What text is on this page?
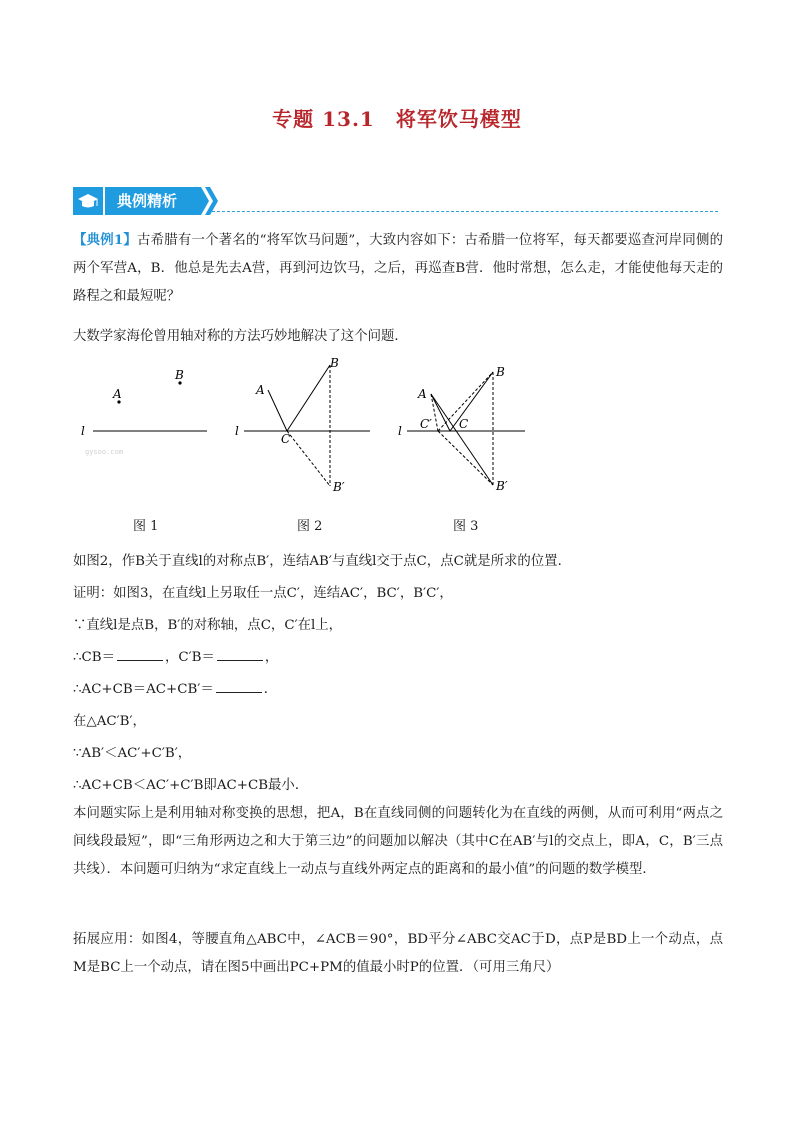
专题 13.1　将军饮马模型
典例精析
【典例1】古希腊有一个著名的“将军饮马问题”，大致内容如下：古希腊一位将军，每天都要巡查河岸同侧的两个军营A，B．他总是先去A营，再到河边饮马，之后，再巡查B营．他时常想，怎么走，才能使他每天走的路程之和最短呢？
大数学家海伦曾用轴对称的方法巧妙地解决了这个问题．
A
B
l
gysoo.com
A
B
C
B′
l
A
B
C′ C
B′
l
图 1	图 2	图 3
如图2，作B关于直线l的对称点B′，连结AB′与直线l交于点C，点C就是所求的位置．
证明：如图3，在直线l上另取任一点C′，连结AC′，BC′，B′C′，
∵直线l是点B，B′的对称轴，点C，C′在l上，
∴CB＝	，C′B＝	，
∴AC+CB＝AC+CB′＝	．
在△AC′B′，
∵AB′＜AC′+C′B′，
∴AC+CB＜AC′+C′B即AC+CB最小．
本问题实际上是利用轴对称变换的思想，把A，B在直线同侧的问题转化为在直线的两侧，从而可利用“两点之间线段最短”，即“三角形两边之和大于第三边”的问题加以解决（其中C在AB′与l的交点上，即A，C，B′三点共线）．本问题可归纳为“求定直线上一动点与直线外两定点的距离和的最小值”的问题的数学模型．
拓展应用：如图4，等腰直角△ABC中，∠ACB＝90°，BD平分∠ABC交AC于D，点P是BD上一个动点，点M是BC上一个动点，请在图5中画出PC+PM的值最小时P的位置．（可用三角尺）
